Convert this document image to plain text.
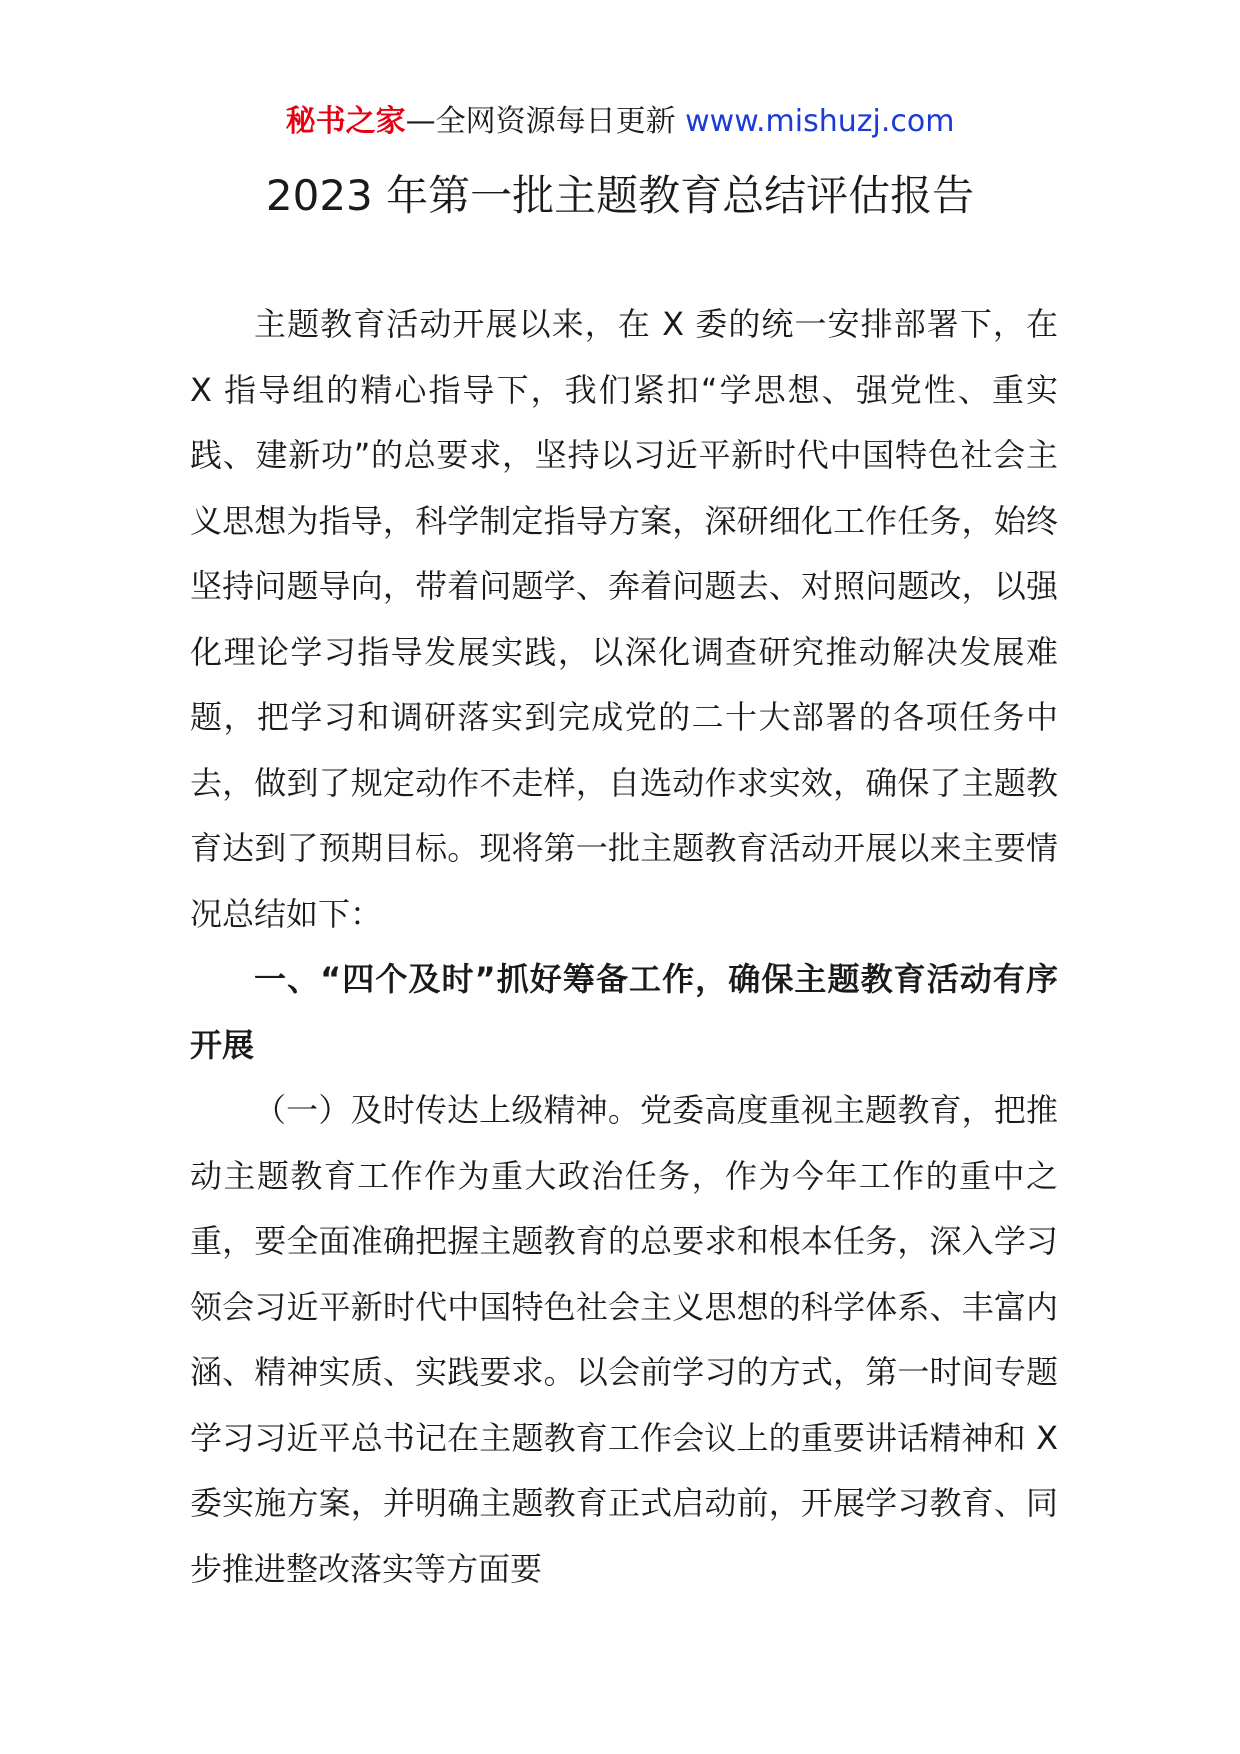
秘书之家—全网资源每日更新 www.mishuzj.com
2023 年第一批主题教育总结评估报告

主题教育活动开展以来，在 X 委的统一安排部署下，在 X 指导组的精心指导下，我们紧扣“学思想、强党性、重实践、建新功”的总要求，坚持以习近平新时代中国特色社会主义思想为指导，科学制定指导方案，深研细化工作任务，始终坚持问题导向，带着问题学、奔着问题去、对照问题改，以强化理论学习指导发展实践，以深化调查研究推动解决发展难题，把学习和调研落实到完成党的二十大部署的各项任务中去，做到了规定动作不走样，自选动作求实效，确保了主题教育达到了预期目标。现将第一批主题教育活动开展以来主要情况总结如下：

一、“四个及时”抓好筹备工作，确保主题教育活动有序开展

（一）及时传达上级精神。党委高度重视主题教育，把推动主题教育工作作为重大政治任务，作为今年工作的重中之重，要全面准确把握主题教育的总要求和根本任务，深入学习领会习近平新时代中国特色社会主义思想的科学体系、丰富内涵、精神实质、实践要求。以会前学习的方式，第一时间专题学习习近平总书记在主题教育工作会议上的重要讲话精神和 X 委实施方案，并明确主题教育正式启动前，开展学习教育、同步推进整改落实等方面要
